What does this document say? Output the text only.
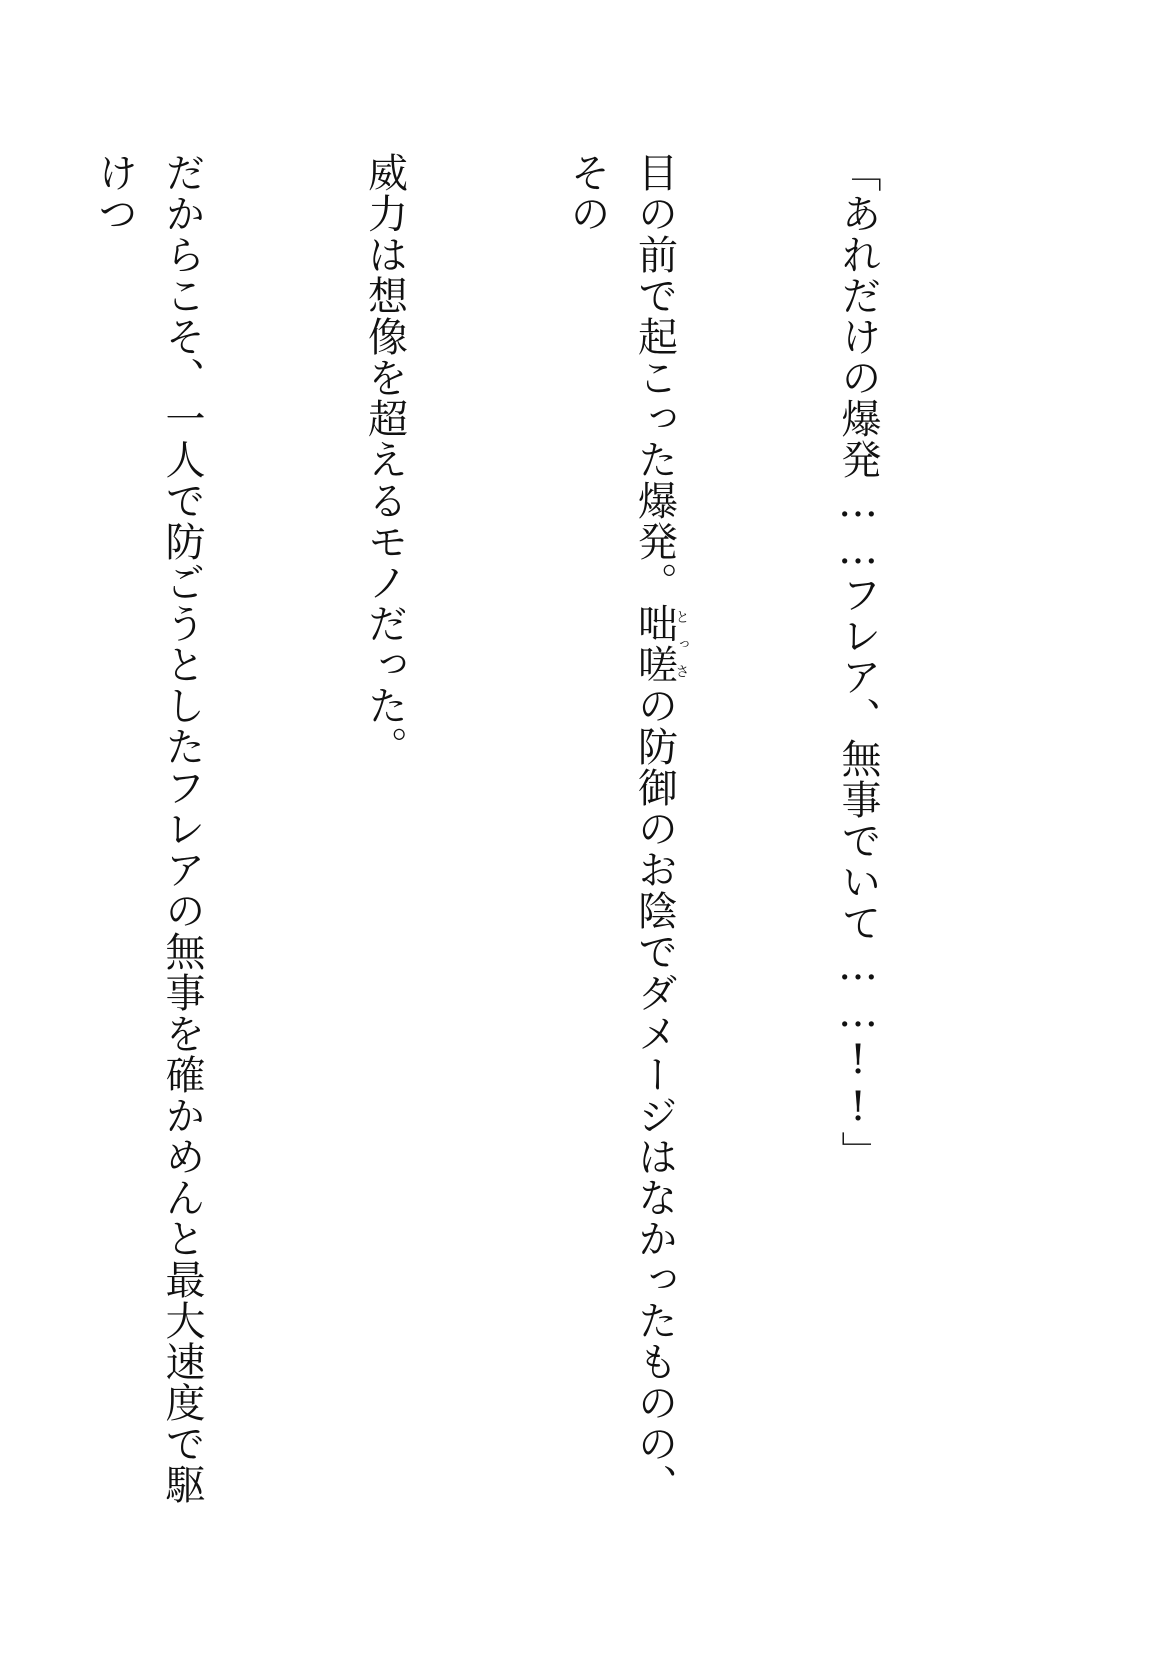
「あれだけの爆発……フレア、無事でいて……!!」

目の前で起こった爆発。咄嗟とっさの防御のお陰でダメージはなかったものの、その

威力は想像を超えるモノだった。

だからこそ、一人で防ごうとしたフレアの無事を確かめんと最大速度で駆けつ
